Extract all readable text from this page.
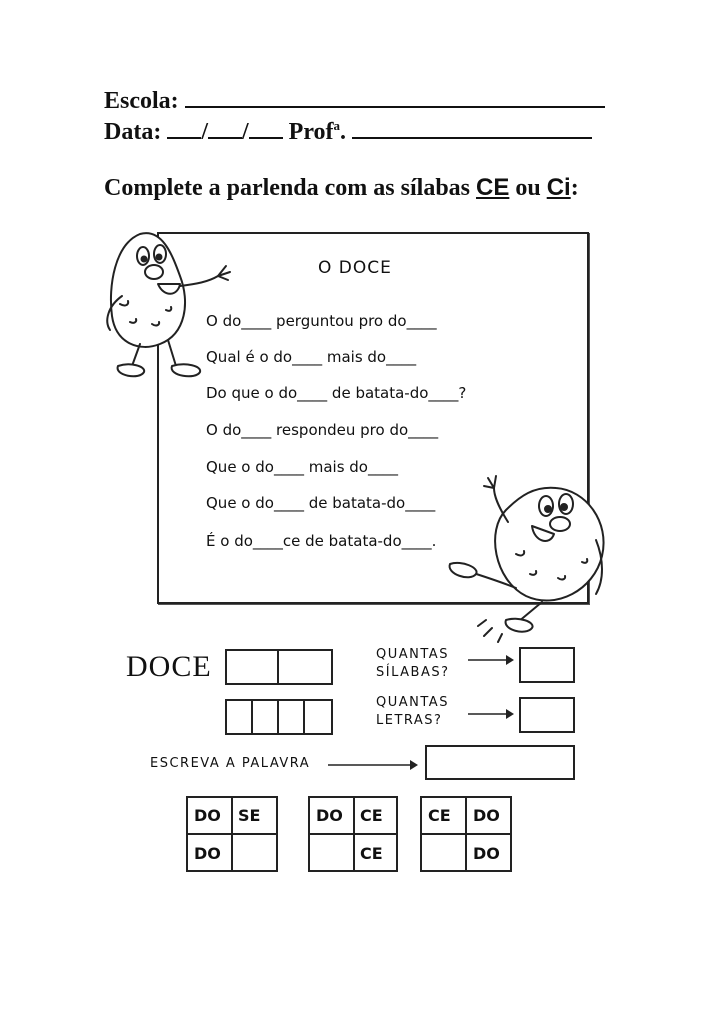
Escola:
Data: / / Prof$^a$.
Complete a parlenda com as sílabas CE ou Ci:
O DOCE
O do____ perguntou pro do____
Qual é o do____ mais do____
Do que o do____ de batata-do____?
O do____ respondeu pro do____
Que o do____ mais do____
Que o do____ de batata-do____
É o do____ce de batata-do____.
DOCE	QUANTAS
SÍLABAS?
QUANTAS
LETRAS?
ESCREVA A PALAVRA
DO SE
DO
DO CE
CE
CE DO
DO
